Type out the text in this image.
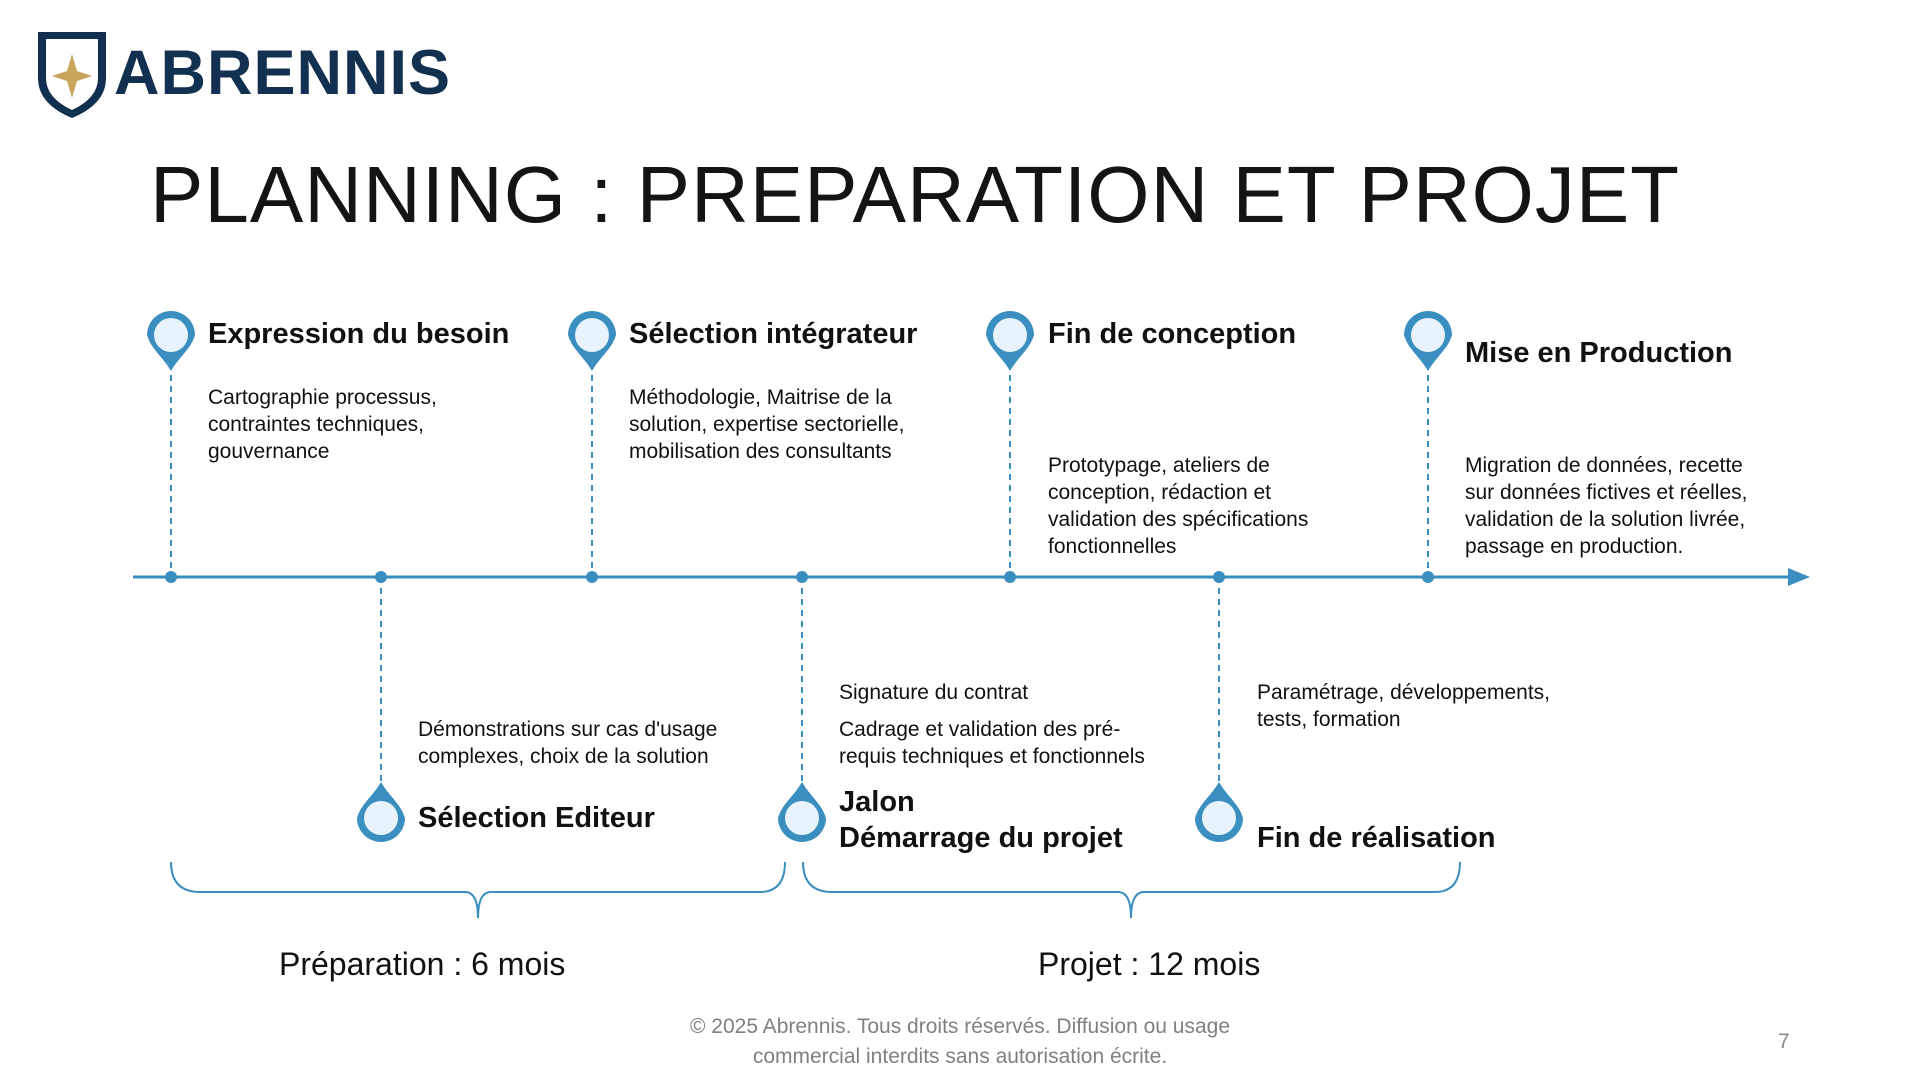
ABRENNIS
PLANNING : PREPARATION ET PROJET
Expression du besoin
Cartographie processus,
contraintes techniques,
gouvernance
Démonstrations sur cas d'usage
complexes, choix de la solution
Sélection Editeur
Sélection intégrateur
Méthodologie, Maitrise de la
solution, expertise sectorielle,
mobilisation des consultants
Signature du contrat
Cadrage et validation des pré-
requis techniques et fonctionnels
Jalon
Démarrage du projet
Fin de conception
Prototypage, ateliers de
conception, rédaction et
validation des spécifications
fonctionnelles
Paramétrage, développements,
tests, formation
Fin de réalisation
Mise en Production
Migration de données, recette
sur données fictives et réelles,
validation de la solution livrée,
passage en production.
Préparation : 6 mois	Projet : 12 mois
© 2025 Abrennis. Tous droits réservés. Diffusion ou usage
commercial interdits sans autorisation écrite.
7
